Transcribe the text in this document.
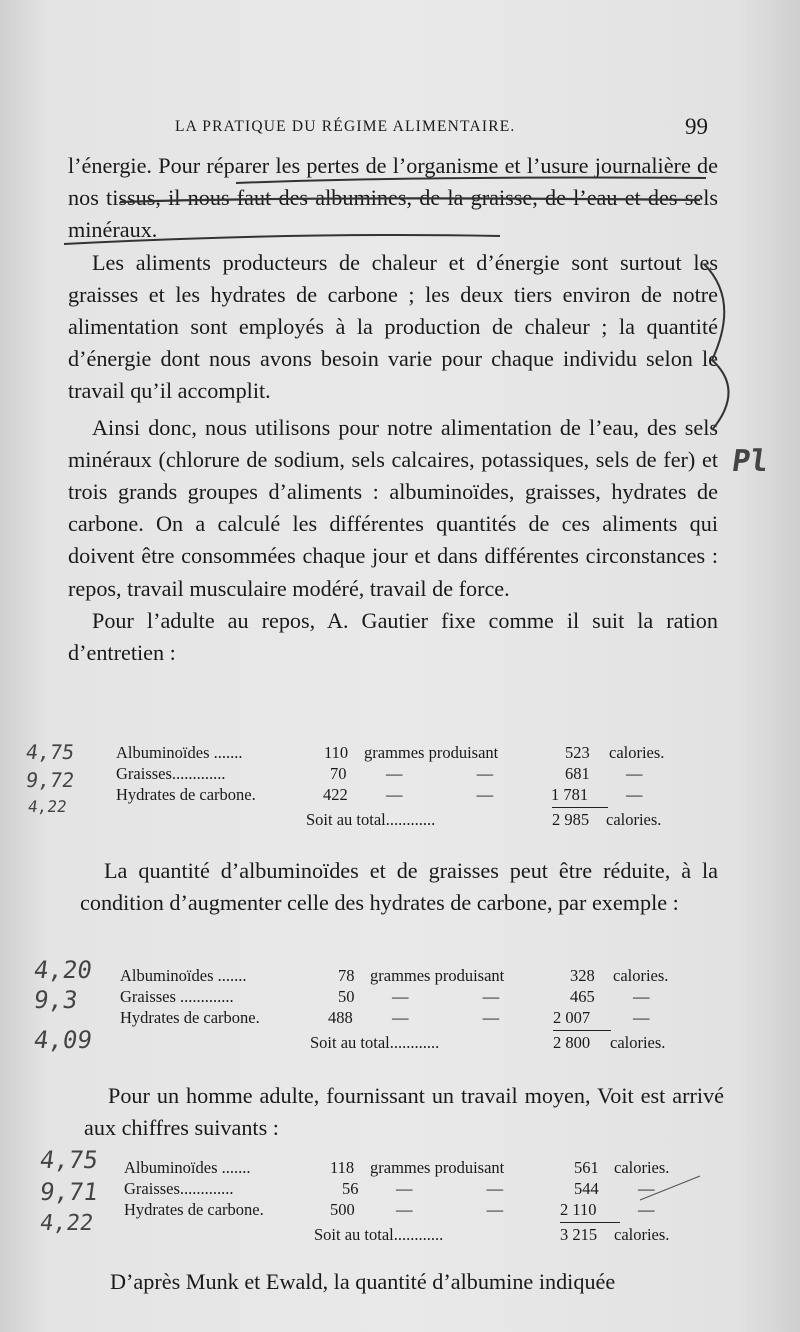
LA PRATIQUE DU RÉGIME ALIMENTAIRE.	99

l’énergie. Pour réparer les pertes de l’organisme et l’usure journalière de nos tissus, il nous faut des albumines, de la graisse, de l’eau et des sels minéraux.

Les aliments producteurs de chaleur et d’énergie sont surtout les graisses et les hydrates de carbone ; les deux tiers environ de notre alimentation sont employés à la production de chaleur ; la quantité d’énergie dont nous avons besoin varie pour chaque individu selon le travail qu’il accomplit.

Ainsi donc, nous utilisons pour notre alimentation de l’eau, des sels minéraux (chlorure de sodium, sels calcaires, potassiques, sels de fer) et trois grands groupes d’aliments : albuminoïdes, graisses, hydrates de carbone. On a calculé les différentes quantités de ces aliments qui doivent être consommées chaque jour et dans différentes circonstances : repos, travail musculaire modéré, travail de force.

Pour l’adulte au repos, A. Gautier fixe comme il suit la ration d’entretien :

Albuminoïdes .......	110 grammes produisant	523 calories.
Graisses.............	70 — —	681 —
Hydrates de carbone.	422 — —	1 781 —
Soit au total............	2 985 calories.

La quantité d’albuminoïdes et de graisses peut être réduite, à la condition d’augmenter celle des hydrates de carbone, par exemple :

Albuminoïdes .......	78 grammes produisant	328 calories.
Graisses .............	50 — —	465 —
Hydrates de carbone.	488 — —	2 007	—
Soit au total............	2 800 calories.

Pour un homme adulte, fournissant un travail moyen, Voit est arrivé aux chiffres suivants :

Albuminoïdes .......	118 grammes produisant	561 calories.
Graisses.............	56 — —	544 —
Hydrates de carbone.	500	— —	2 110	—
Soit au total............	3 215 calories.

D’après Munk et Ewald, la quantité d’albumine indiquée

Pl
4,75
9,72
4,22
4,20
9,3
4,09
4,75
9,71
4,22
